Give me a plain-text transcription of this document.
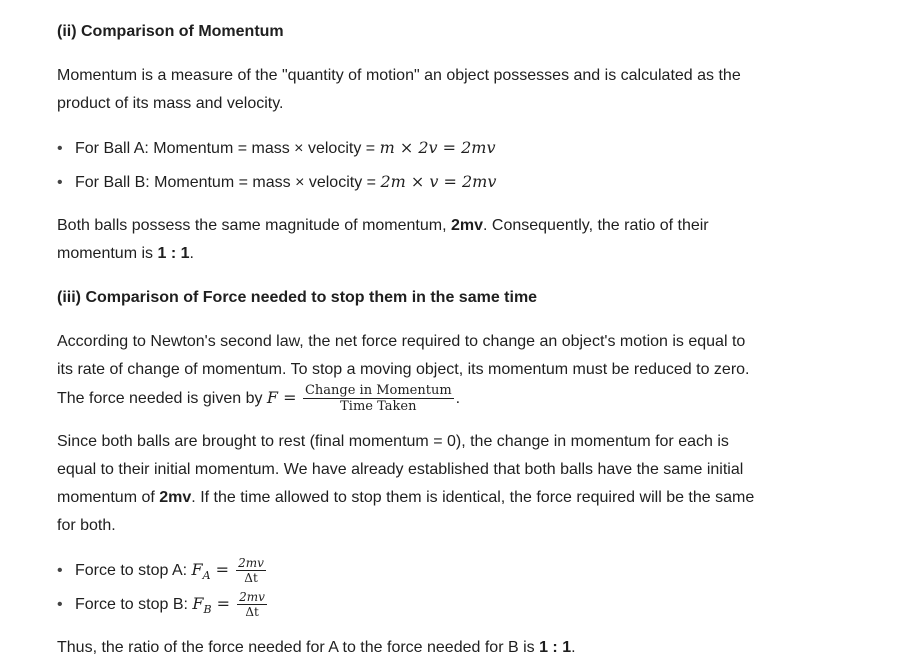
(ii) Comparison of Momentum
Momentum is a measure of the "quantity of motion" an object possesses and is calculated as the
product of its mass and velocity.
• For Ball A: Momentum = mass × velocity = m × 2v = 2mv
• For Ball B: Momentum = mass × velocity = 2m × v = 2mv
Both balls possess the same magnitude of momentum, 2mv. Consequently, the ratio of their
momentum is 1 : 1.
(iii) Comparison of Force needed to stop them in the same time
According to Newton's second law, the net force required to change an object's motion is equal to
its rate of change of momentum. To stop a moving object, its momentum must be reduced to zero.
The force needed is given by $F = \frac{\text{Change in Momentum}}{\text{Time Taken}}$ .
Since both balls are brought to rest (final momentum = 0), the change in momentum for each is
equal to their initial momentum. We have already established that both balls have the same initial
momentum of 2mv. If the time allowed to stop them is identical, the force required will be the same
for both.
• Force to stop A: $F_A = \frac{2mv}{\Delta t}$
• Force to stop B: $F_B = \frac{2mv}{\Delta t}$
Thus, the ratio of the force needed for A to the force needed for B is 1 : 1.
